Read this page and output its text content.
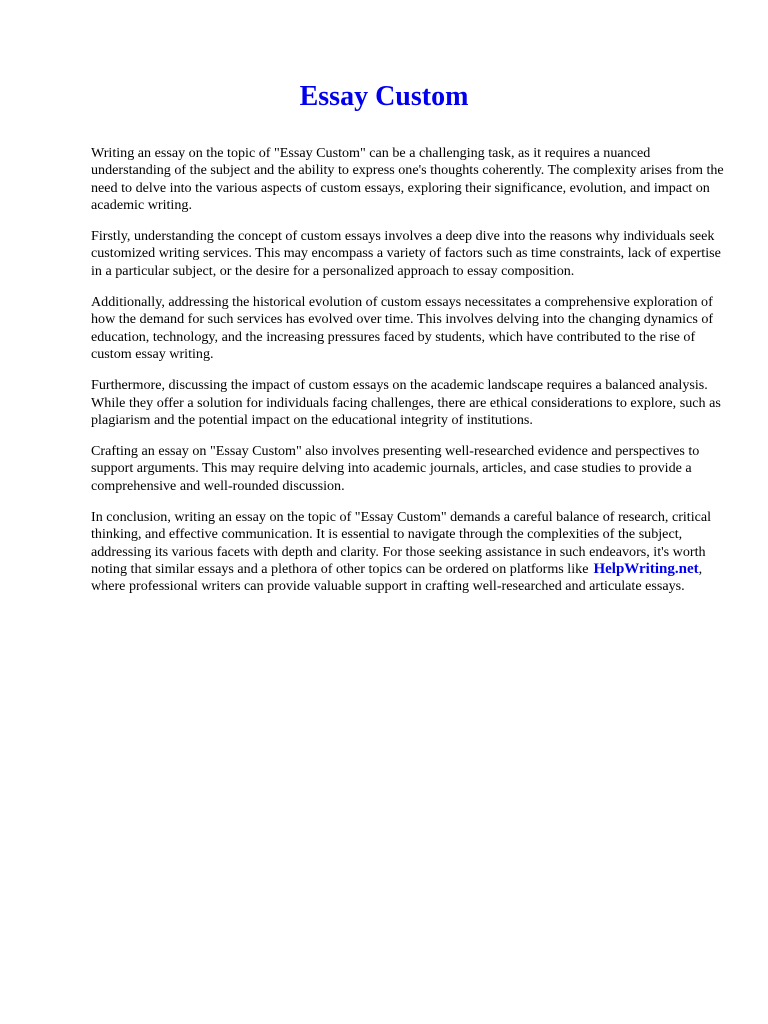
Essay Custom

Writing an essay on the topic of "Essay Custom" can be a challenging task, as it requires a nuanced understanding of the subject and the ability to express one's thoughts coherently. The complexity arises from the need to delve into the various aspects of custom essays, exploring their significance, evolution, and impact on academic writing.

Firstly, understanding the concept of custom essays involves a deep dive into the reasons why individuals seek customized writing services. This may encompass a variety of factors such as time constraints, lack of expertise in a particular subject, or the desire for a personalized approach to essay composition.

Additionally, addressing the historical evolution of custom essays necessitates a comprehensive exploration of how the demand for such services has evolved over time. This involves delving into the changing dynamics of education, technology, and the increasing pressures faced by students, which have contributed to the rise of custom essay writing.

Furthermore, discussing the impact of custom essays on the academic landscape requires a balanced analysis. While they offer a solution for individuals facing challenges, there are ethical considerations to explore, such as plagiarism and the potential impact on the educational integrity of institutions.

Crafting an essay on "Essay Custom" also involves presenting well-researched evidence and perspectives to support arguments. This may require delving into academic journals, articles, and case studies to provide a comprehensive and well-rounded discussion.

In conclusion, writing an essay on the topic of "Essay Custom" demands a careful balance of research, critical thinking, and effective communication. It is essential to navigate through the complexities of the subject, addressing its various facets with depth and clarity. For those seeking assistance in such endeavors, it's worth noting that similar essays and a plethora of other topics can be ordered on platforms like HelpWriting.net, where professional writers can provide valuable support in crafting well-researched and articulate essays.
